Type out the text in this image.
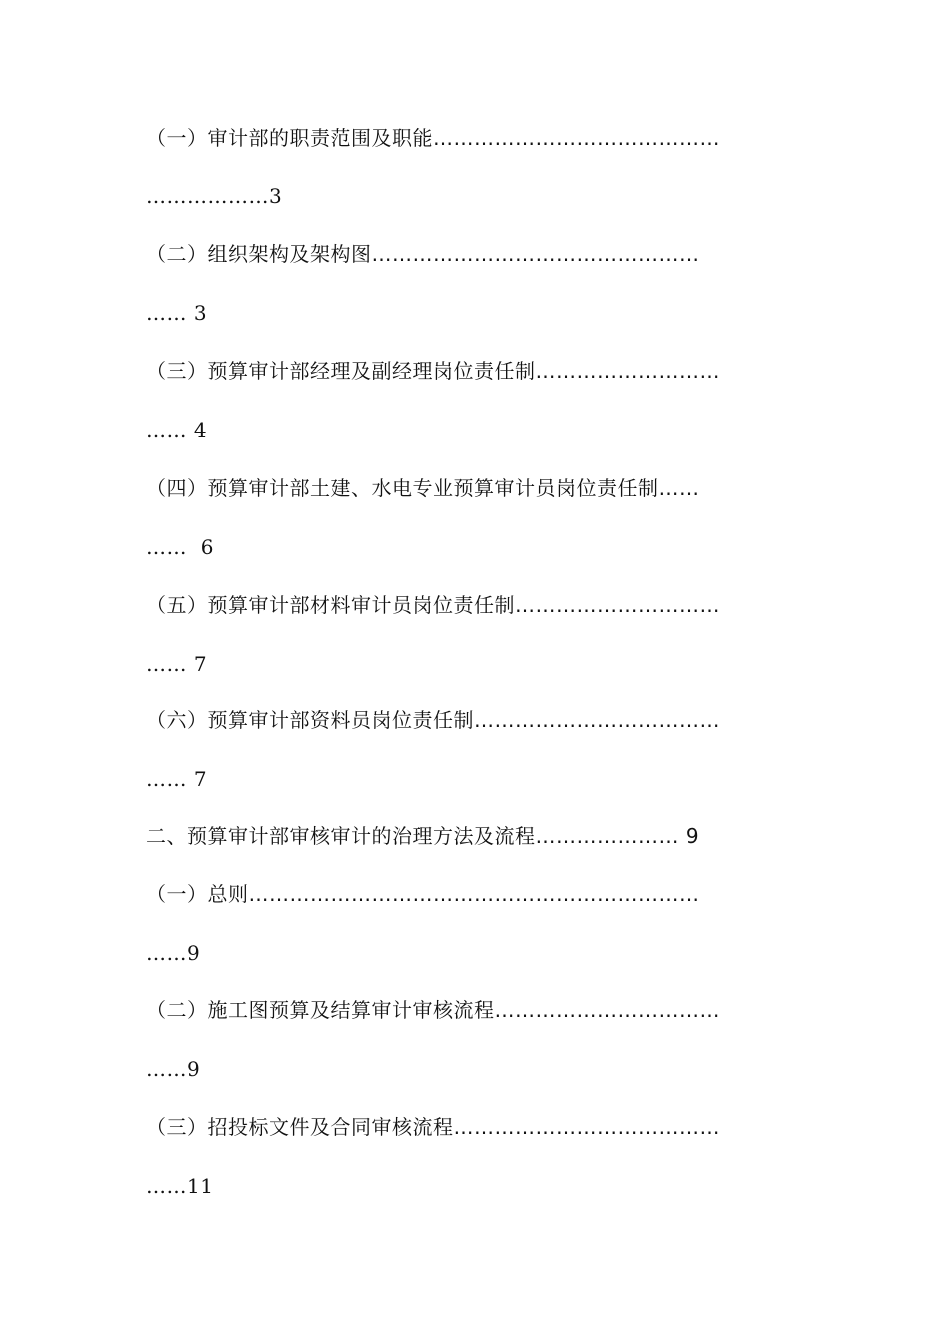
（一）审计部的职责范围及职能……………………………………
………………3
（二）组织架构及架构图…………………………………………
…… 3
（三）预算审计部经理及副经理岗位责任制………………………
…… 4
（四）预算审计部土建、水电专业预算审计员岗位责任制……
……  6
（五）预算审计部材料审计员岗位责任制…………………………
…… 7
（六）预算审计部资料员岗位责任制………………………………
…… 7
二、预算审计部审核审计的治理方法及流程………………… 9
（一）总则…………………………………………………………
……9
（二）施工图预算及结算审计审核流程……………………………
……9
（三）招投标文件及合同审核流程…………………………………
……11
